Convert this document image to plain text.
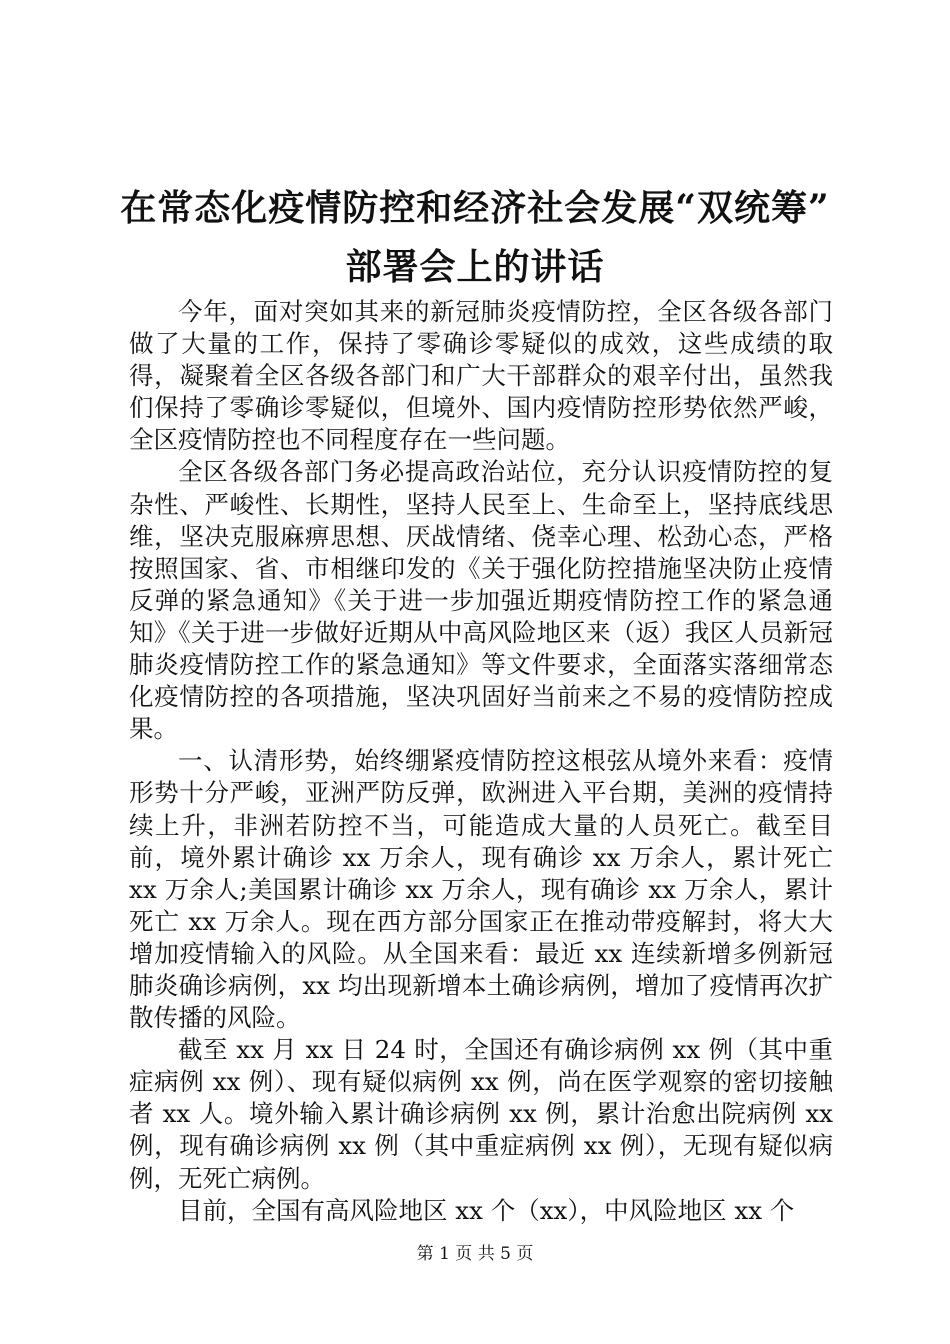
在常态化疫情防控和经济社会发展“双统筹”
部署会上的讲话

今年，面对突如其来的新冠肺炎疫情防控，全区各级各部门做了大量的工作，保持了零确诊零疑似的成效，这些成绩的取得，凝聚着全区各级各部门和广大干部群众的艰辛付出，虽然我们保持了零确诊零疑似，但境外、国内疫情防控形势依然严峻，全区疫情防控也不同程度存在一些问题。

全区各级各部门务必提高政治站位，充分认识疫情防控的复杂性、严峻性、长期性，坚持人民至上、生命至上，坚持底线思维，坚决克服麻痹思想、厌战情绪、侥幸心理、松劲心态，严格按照国家、省、市相继印发的《关于强化防控措施坚决防止疫情反弹的紧急通知》《关于进一步加强近期疫情防控工作的紧急通知》《关于进一步做好近期从中高风险地区来（返）我区人员新冠肺炎疫情防控工作的紧急通知》等文件要求，全面落实落细常态化疫情防控的各项措施，坚决巩固好当前来之不易的疫情防控成果。

一、认清形势，始终绷紧疫情防控这根弦从境外来看：疫情形势十分严峻，亚洲严防反弹，欧洲进入平台期，美洲的疫情持续上升，非洲若防控不当，可能造成大量的人员死亡。截至目前，境外累计确诊 xx 万余人，现有确诊 xx 万余人，累计死亡 xx 万余人;美国累计确诊 xx 万余人，现有确诊 xx 万余人，累计死亡 xx 万余人。现在西方部分国家正在推动带疫解封，将大大增加疫情输入的风险。从全国来看：最近 xx 连续新增多例新冠肺炎确诊病例，xx 均出现新增本土确诊病例，增加了疫情再次扩散传播的风险。

截至 xx 月 xx 日 24 时，全国还有确诊病例 xx 例（其中重症病例 xx 例）、现有疑似病例 xx 例，尚在医学观察的密切接触者 xx 人。境外输入累计确诊病例 xx 例，累计治愈出院病例 xx 例，现有确诊病例 xx 例（其中重症病例 xx 例），无现有疑似病例，无死亡病例。

目前，全国有高风险地区 xx 个（xx），中风险地区 xx 个

第 1 页 共 5 页
